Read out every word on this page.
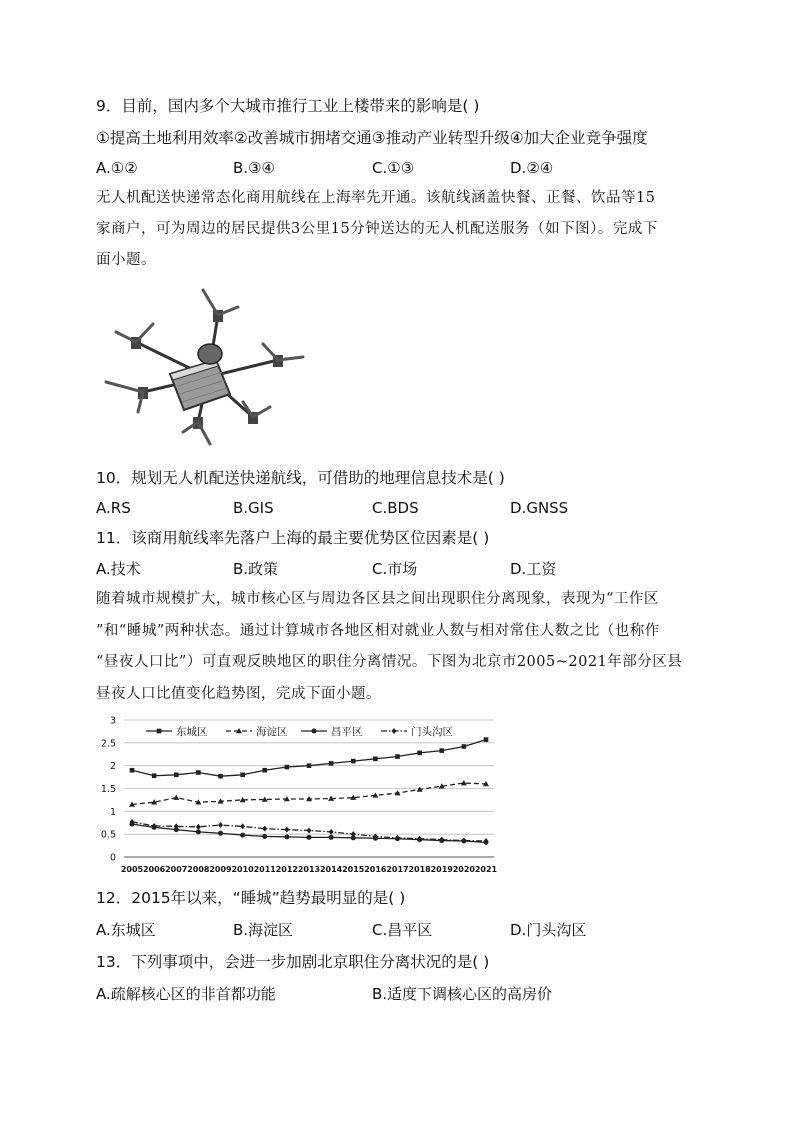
9．目前，国内多个大城市推行工业上楼带来的影响是( )
①提高土地利用效率②改善城市拥堵交通③推动产业转型升级④加大企业竞争强度
A.①②	B.③④	C.①③	D.②④
无人机配送快递常态化商用航线在上海率先开通。该航线涵盖快餐、正餐、饮品等15
家商户，可为周边的居民提供3公里15分钟送达的无人机配送服务（如下图）。完成下
面小题。
10．规划无人机配送快递航线，可借助的地理信息技术是( )
A.RS	B.GIS	C.BDS	D.GNSS
11．该商用航线率先落户上海的最主要优势区位因素是( )
A.技术	B.政策	C.市场	D.工资
随着城市规模扩大，城市核心区与周边各区县之间出现职住分离现象，表现为“工作区
”和“睡城”两种状态。通过计算城市各地区相对就业人数与相对常住人数之比（也称作
“昼夜人口比”）可直观反映地区的职住分离情况。下图为北京市2005~2021年部分区县
昼夜人口比值变化趋势图，完成下面小题。
0
0.5
1
1.5
2
2.5
3
2005 2006 2007 2008 2009 2010 2011 2012 2013 2014 2015 2016 2017 2018 2019 2020 2021
东城区	海淀区	昌平区	门头沟区
12．2015年以来，“睡城”趋势最明显的是( )
A.东城区	B.海淀区	C.昌平区	D.门头沟区
13．下列事项中，会进一步加剧北京职住分离状况的是( )
A.疏解核心区的非首都功能	B.适度下调核心区的高房价
